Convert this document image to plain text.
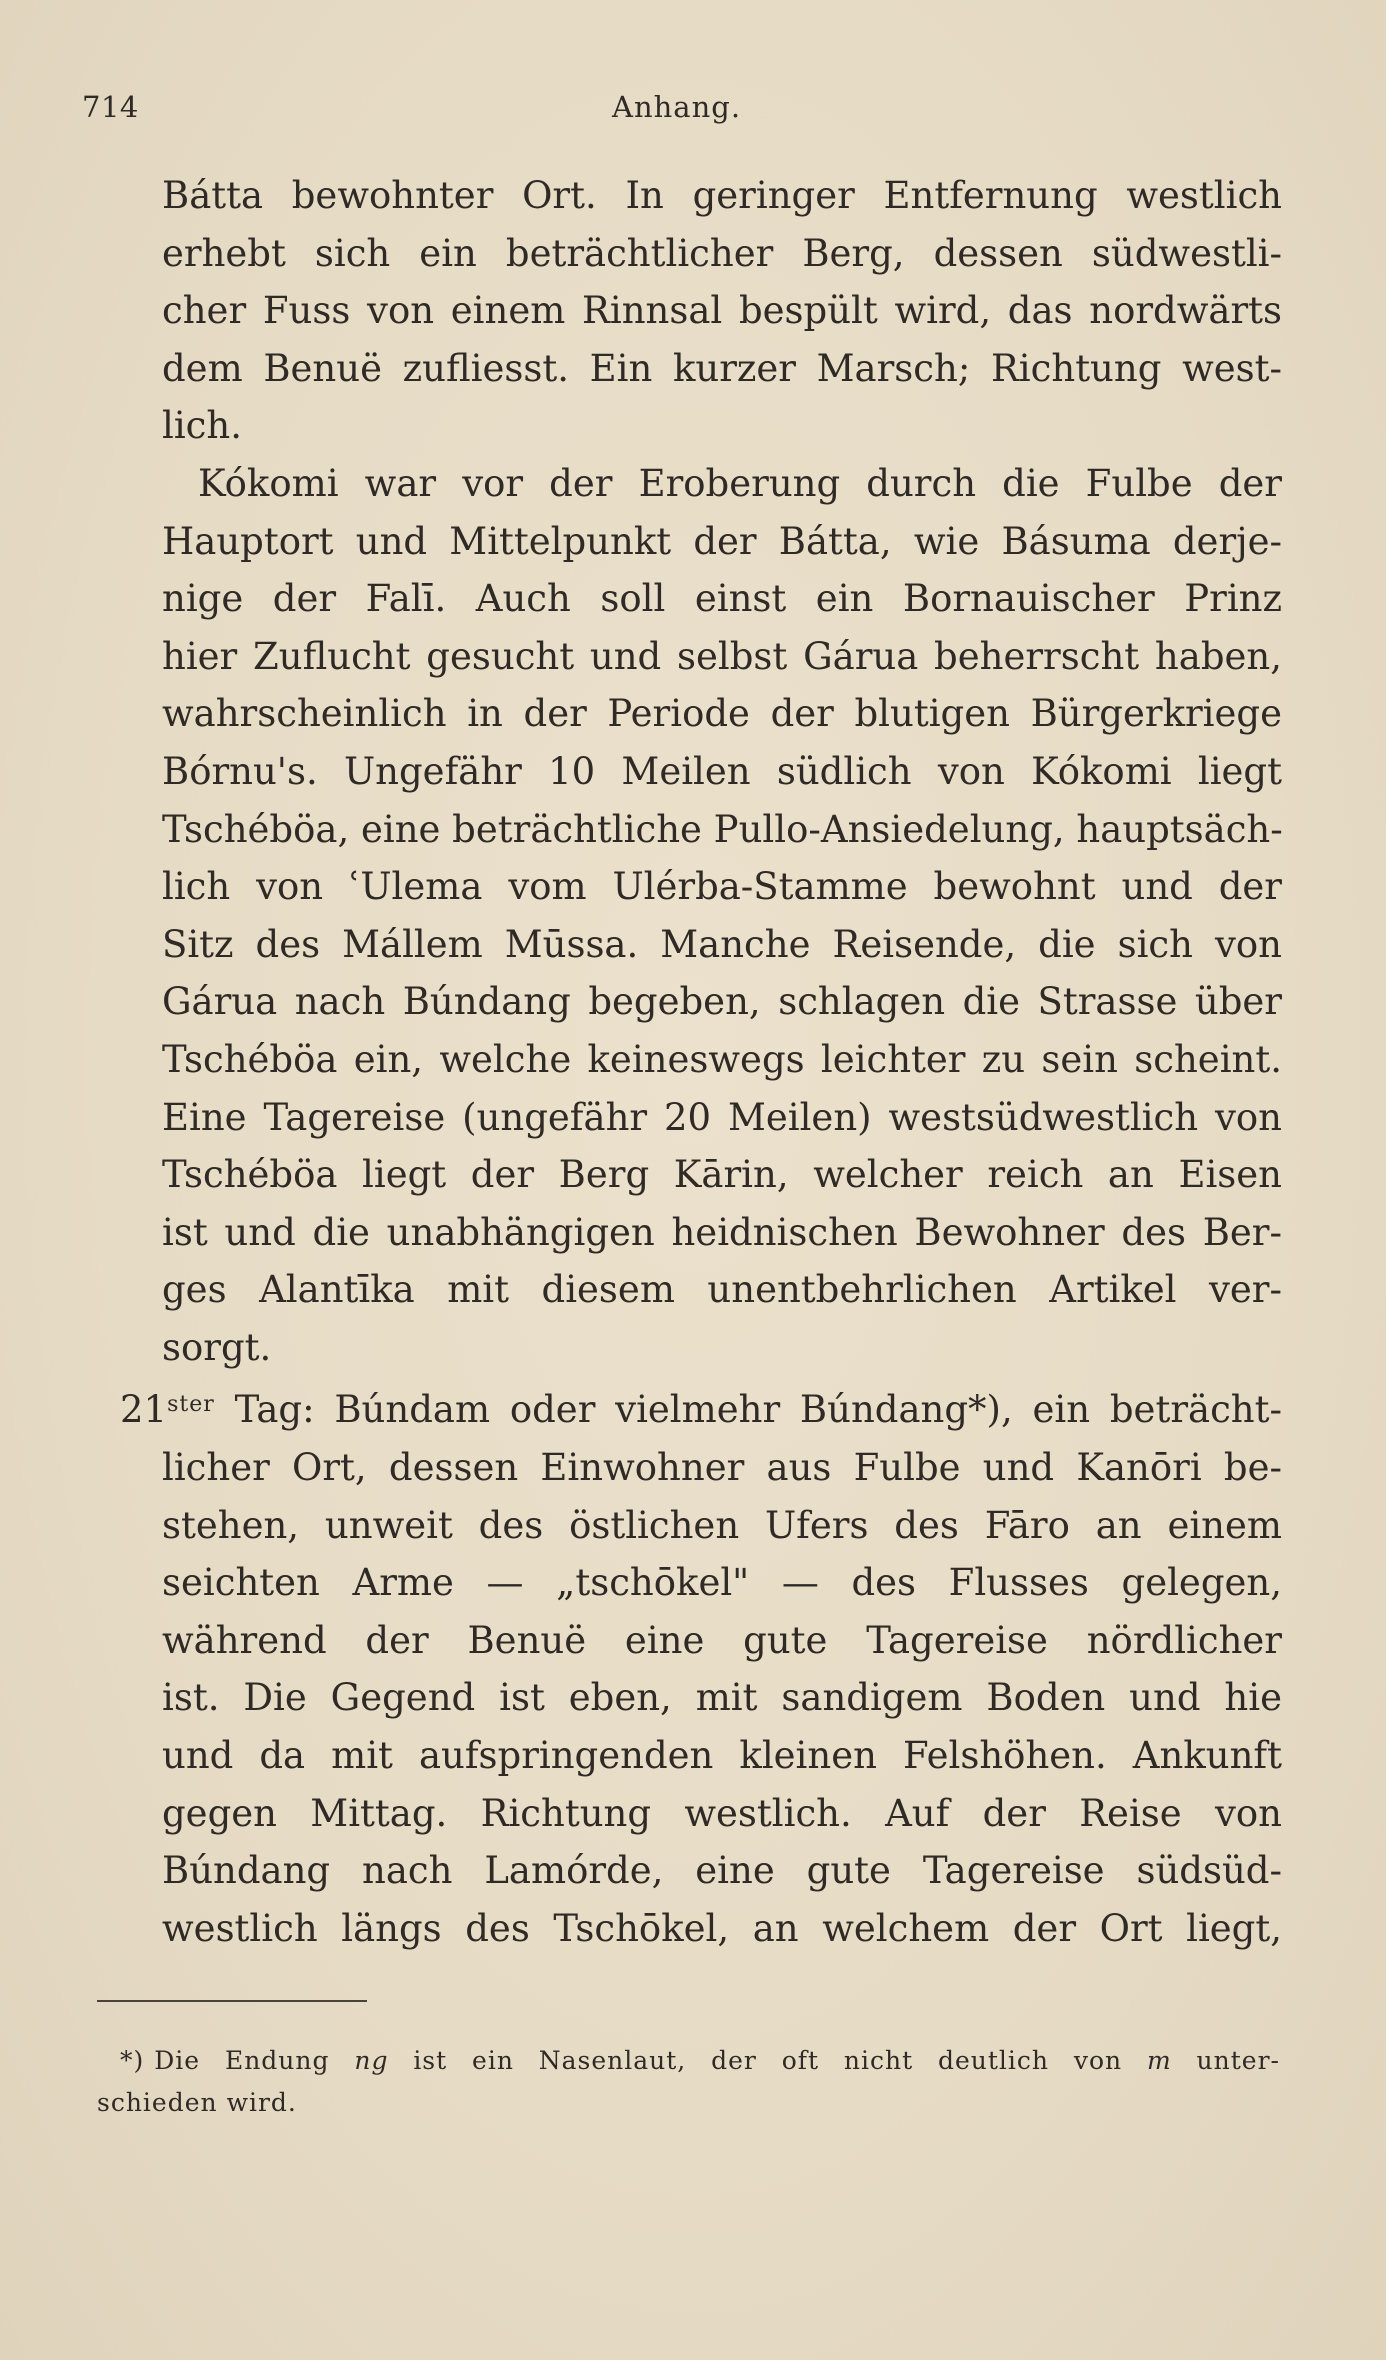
714	Anhang.
Bátta bewohnter Ort. In geringer Entfernung westlich
erhebt sich ein beträchtlicher Berg, dessen südwestli-
cher Fuss von einem Rinnsal bespült wird, das nordwärts
dem Benuë zufliesst. Ein kurzer Marsch; Richtung west-
lich.
Kókomi war vor der Eroberung durch die Fulbe der
Hauptort und Mittelpunkt der Bátta, wie Básuma derje-
nige der Falī. Auch soll einst ein Bornauischer Prinz
hier Zuflucht gesucht und selbst Gárua beherrscht haben,
wahrscheinlich in der Periode der blutigen Bürgerkriege
Bórnu's. Ungefähr 10 Meilen südlich von Kókomi liegt
Tschéböa, eine beträchtliche Pullo-Ansiedelung, hauptsäch-
lich von ʿUlema vom Ulérba-Stamme bewohnt und der
Sitz des Mállem Mūssa. Manche Reisende, die sich von
Gárua nach Búndang begeben, schlagen die Strasse über
Tschéböa ein, welche keineswegs leichter zu sein scheint.
Eine Tagereise (ungefähr 20 Meilen) westsüdwestlich von
Tschéböa liegt der Berg Kārin, welcher reich an Eisen
ist und die unabhängigen heidnischen Bewohner des Ber-
ges Alantīka mit diesem unentbehrlichen Artikel ver-
sorgt.
$21^{ster}$ Tag: Búndam oder vielmehr Búndang*), ein beträcht-
licher Ort, dessen Einwohner aus Fulbe und Kanōri be-
stehen, unweit des östlichen Ufers des Fāro an einem
seichten Arme — „tschōkel" — des Flusses gelegen,
während der Benuë eine gute Tagereise nördlicher
ist. Die Gegend ist eben, mit sandigem Boden und hie
und da mit aufspringenden kleinen Felshöhen. Ankunft
gegen Mittag. Richtung westlich. Auf der Reise von
Búndang nach Lamórde, eine gute Tagereise südsüd-
westlich längs des Tschōkel, an welchem der Ort liegt,
*) Die Endung ng ist ein Nasenlaut, der oft nicht deutlich von m unter-
schieden wird.
